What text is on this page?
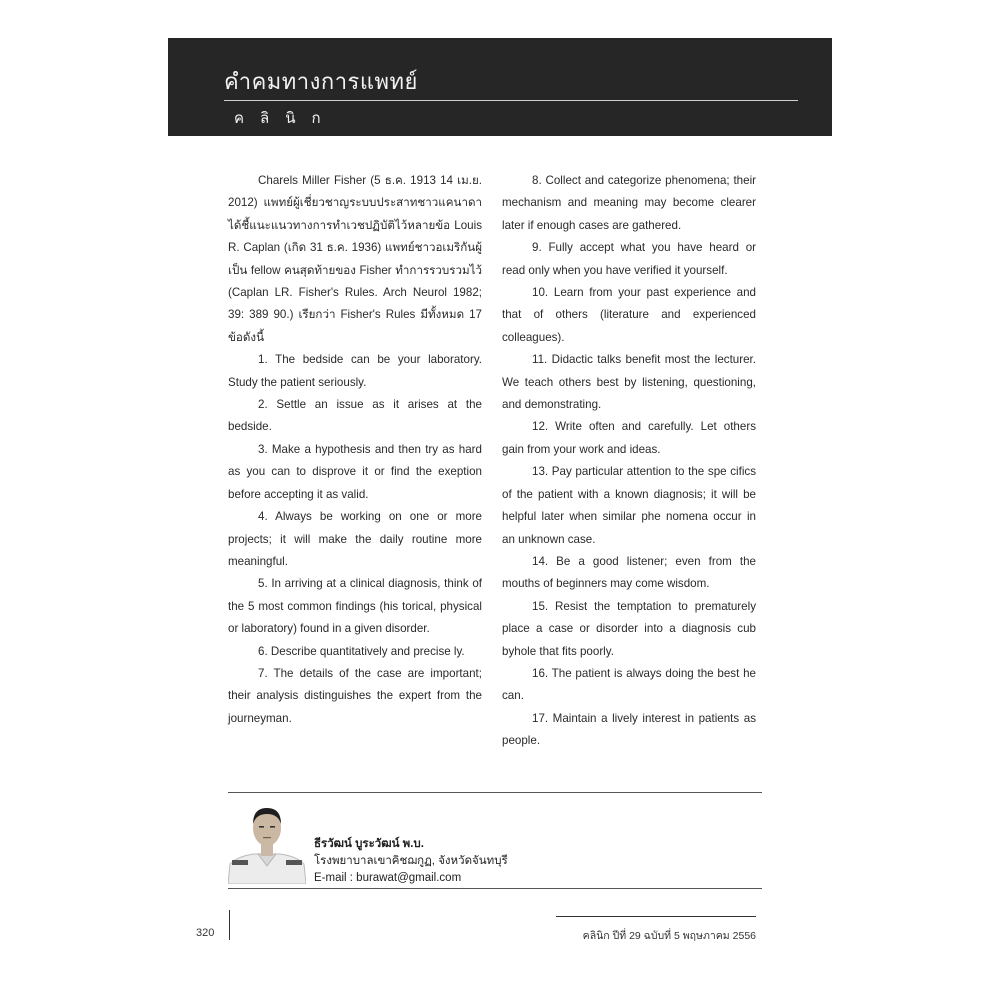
คำคมทางการแพทย์
คลินิก

Charels Miller Fisher (5 ธ.ค. 1913 14 เม.ย. 2012) แพทย์ผู้เชี่ยวชาญระบบประสาทชาวแคนาดาได้ชี้แนะแนวทางการทำเวชปฏิบัติไว้หลายข้อ Louis R. Caplan (เกิด 31 ธ.ค. 1936) แพทย์ชาวอเมริกันผู้เป็น fellow คนสุดท้ายของ Fisher ทำการรวบรวมไว้ (Caplan LR. Fisher's Rules. Arch Neurol 1982; 39: 389 90.) เรียกว่า Fisher's Rules มีทั้งหมด 17 ข้อดังนี้

1. The bedside can be your laboratory. Study the patient seriously.

2. Settle an issue as it arises at the bedside.

3. Make a hypothesis and then try as hard as you can to disprove it or find the exeption before accepting it as valid.

4. Always be working on one or more projects; it will make the daily routine more meaningful.

5. In arriving at a clinical diagnosis, think of the 5 most common findings (his torical, physical or laboratory) found in a given disorder.

6. Describe quantitatively and precise ly.

7. The details of the case are important; their analysis distinguishes the expert from the journeyman.

8. Collect and categorize phenomena; their mechanism and meaning may become clearer later if enough cases are gathered.

9. Fully accept what you have heard or read only when you have verified it yourself.

10. Learn from your past experience and that of others (literature and experienced colleagues).

11. Didactic talks benefit most the lecturer. We teach others best by listening, questioning, and demonstrating.

12. Write often and carefully. Let others gain from your work and ideas.

13. Pay particular attention to the spe cifics of the patient with a known diagnosis; it will be helpful later when similar phe nomena occur in an unknown case.

14. Be a good listener; even from the mouths of beginners may come wisdom.

15. Resist the temptation to prematurely place a case or disorder into a diagnosis cub byhole that fits poorly.

16. The patient is always doing the best he can.

17. Maintain a lively interest in patients as people.

ธีรวัฒน์ บูระวัฒน์ พ.บ.
โรงพยาบาลเขาคิชฌกูฏ, จังหวัดจันทบุรี
E-mail : burawat@gmail.com
320	คลินิก ปีที่ 29 ฉบับที่ 5 พฤษภาคม 2556
